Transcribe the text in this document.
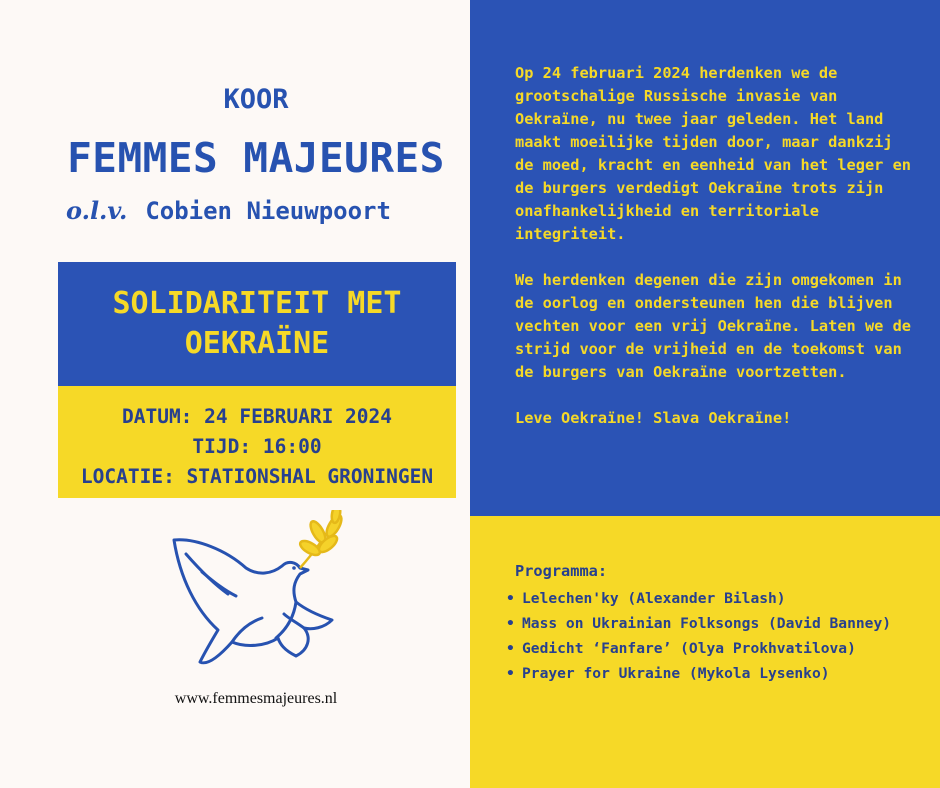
KOOR
FEMMES MAJEURES
o.l.v. Cobien Nieuwpoort
SOLIDARITEIT MET
OEKRAÏNE
DATUM: 24 FEBRUARI 2024
TIJD: 16:00
LOCATIE: STATIONSHAL GRONINGEN
www.femmesmajeures.nl

Op 24 februari 2024 herdenken we de grootschalige Russische invasie van Oekraïne, nu twee jaar geleden. Het land maakt moeilijke tijden door, maar dankzij de moed, kracht en eenheid van het leger en de burgers verdedigt Oekraïne trots zijn onafhankelijkheid en territoriale integriteit.

We herdenken degenen die zijn omgekomen in de oorlog en ondersteunen hen die blijven vechten voor een vrij Oekraïne. Laten we de strijd voor de vrijheid en de toekomst van de burgers van Oekraïne voortzetten.

Leve Oekraïne! Slava Oekraïne!

Programma:
• Lelechen'ky (Alexander Bilash)
• Mass on Ukrainian Folksongs (David Banney)
• Gedicht ‘Fanfare’ (Olya Prokhvatilova)
• Prayer for Ukraine (Mykola Lysenko)
